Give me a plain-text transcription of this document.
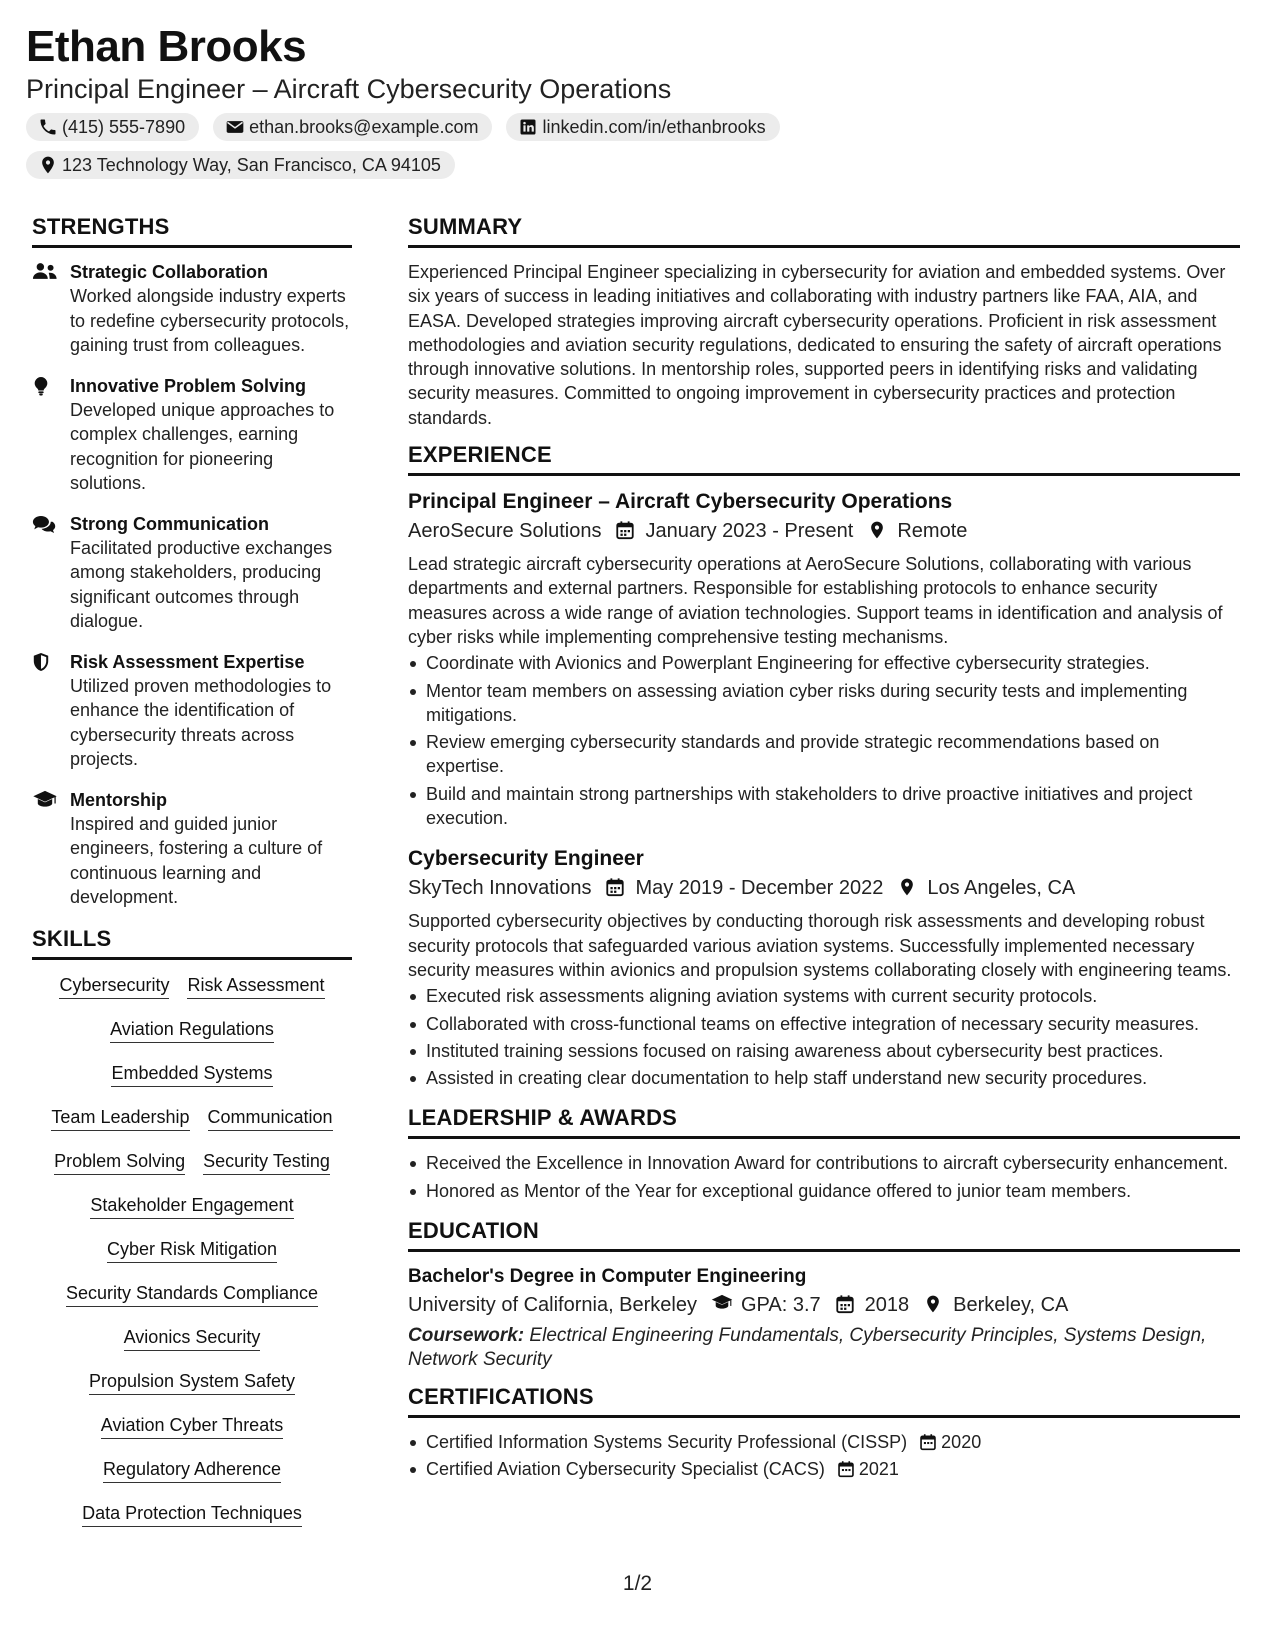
Ethan Brooks
Principal Engineer – Aircraft Cybersecurity Operations
(415) 555-7890	ethan.brooks@example.com	linkedin.com/in/ethanbrooks
123 Technology Way, San Francisco, CA 94105
STRENGTHS
Strategic Collaboration
Worked alongside industry experts to redefine cybersecurity protocols, gaining trust from colleagues.
Innovative Problem Solving
Developed unique approaches to complex challenges, earning recognition for pioneering solutions.
Strong Communication
Facilitated productive exchanges among stakeholders, producing significant outcomes through dialogue.
Risk Assessment Expertise
Utilized proven methodologies to enhance the identification of cybersecurity threats across projects.
Mentorship
Inspired and guided junior engineers, fostering a culture of continuous learning and development.
SKILLS
Cybersecurity Risk Assessment
Aviation Regulations
Embedded Systems
Team Leadership Communication
Problem Solving Security Testing
Stakeholder Engagement
Cyber Risk Mitigation
Security Standards Compliance
Avionics Security
Propulsion System Safety
Aviation Cyber Threats
Regulatory Adherence
Data Protection Techniques
SUMMARY
Experienced Principal Engineer specializing in cybersecurity for aviation and embedded systems. Over six years of success in leading initiatives and collaborating with industry partners like FAA, AIA, and EASA. Developed strategies improving aircraft cybersecurity operations. Proficient in risk assessment methodologies and aviation security regulations, dedicated to ensuring the safety of aircraft operations through innovative solutions. In mentorship roles, supported peers in identifying risks and validating security measures. Committed to ongoing improvement in cybersecurity practices and protection standards.
EXPERIENCE
Principal Engineer – Aircraft Cybersecurity Operations
AeroSecure Solutions January 2023 - Present Remote
Lead strategic aircraft cybersecurity operations at AeroSecure Solutions, collaborating with various departments and external partners. Responsible for establishing protocols to enhance security measures across a wide range of aviation technologies. Support teams in identification and analysis of cyber risks while implementing comprehensive testing mechanisms.
Coordinate with Avionics and Powerplant Engineering for effective cybersecurity strategies.
Mentor team members on assessing aviation cyber risks during security tests and implementing mitigations.
Review emerging cybersecurity standards and provide strategic recommendations based on expertise.
Build and maintain strong partnerships with stakeholders to drive proactive initiatives and project execution.
Cybersecurity Engineer
SkyTech Innovations May 2019 - December 2022 Los Angeles, CA
Supported cybersecurity objectives by conducting thorough risk assessments and developing robust security protocols that safeguarded various aviation systems. Successfully implemented necessary security measures within avionics and propulsion systems collaborating closely with engineering teams.
Executed risk assessments aligning aviation systems with current security protocols.
Collaborated with cross-functional teams on effective integration of necessary security measures.
Instituted training sessions focused on raising awareness about cybersecurity best practices.
Assisted in creating clear documentation to help staff understand new security procedures.
LEADERSHIP & AWARDS
Received the Excellence in Innovation Award for contributions to aircraft cybersecurity enhancement.
Honored as Mentor of the Year for exceptional guidance offered to junior team members.
EDUCATION
Bachelor's Degree in Computer Engineering
University of California, Berkeley GPA: 3.7 2018 Berkeley, CA
Coursework: Electrical Engineering Fundamentals, Cybersecurity Principles, Systems Design, Network Security
CERTIFICATIONS
Certified Information Systems Security Professional (CISSP) 2020
Certified Aviation Cybersecurity Specialist (CACS) 2021
1/2
